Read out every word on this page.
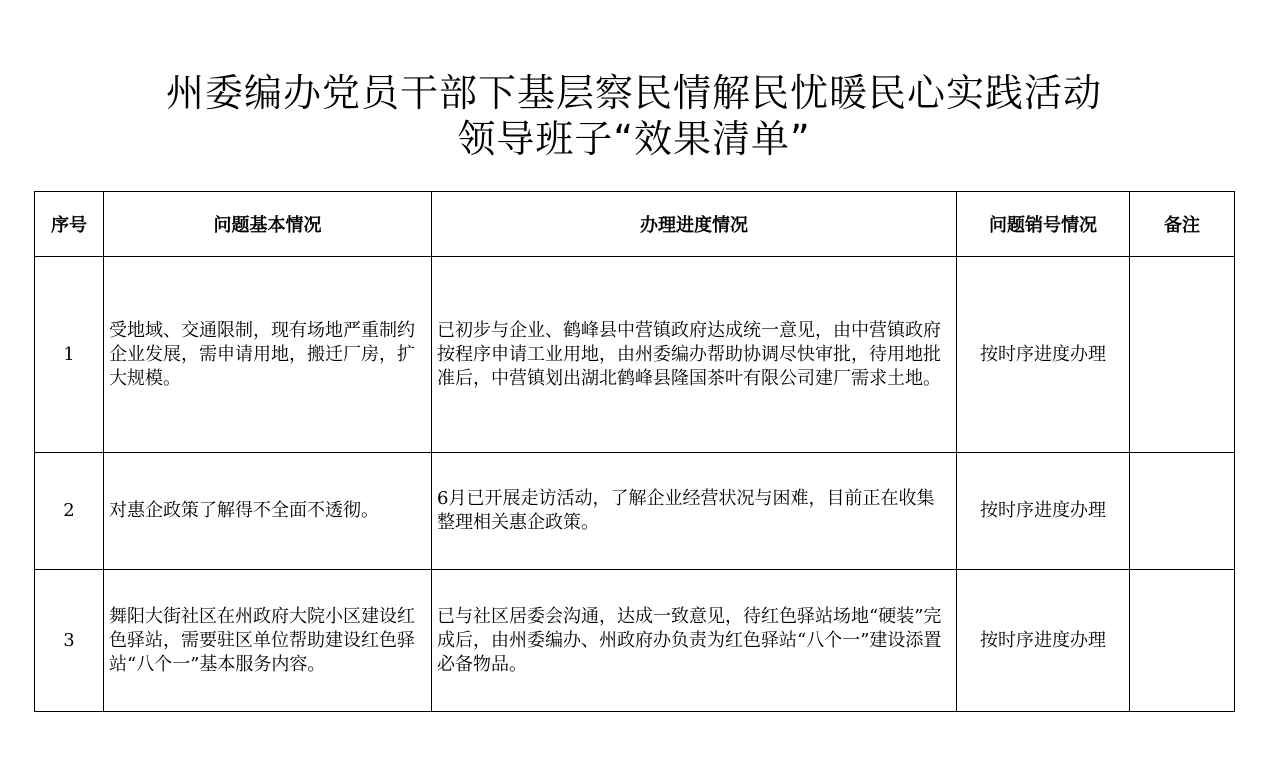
州委编办党员干部下基层察民情解民忧暖民心实践活动
领导班子“效果清单”
序号	问题基本情况	办理进度情况	问题销号情况	备注
1	受地域、交通限制，现有场地严重制约企业发展，需申请用地，搬迁厂房，扩大规模。	已初步与企业、鹤峰县中营镇政府达成统一意见，由中营镇政府按程序申请工业用地，由州委编办帮助协调尽快审批，待用地批准后，中营镇划出湖北鹤峰县隆国茶叶有限公司建厂需求土地。	按时序进度办理	
2	对惠企政策了解得不全面不透彻。	6月已开展走访活动，了解企业经营状况与困难，目前正在收集整理相关惠企政策。	按时序进度办理	
3	舞阳大街社区在州政府大院小区建设红色驿站，需要驻区单位帮助建设红色驿站“八个一”基本服务内容。	已与社区居委会沟通，达成一致意见，待红色驿站场地“硬装”完成后，由州委编办、州政府办负责为红色驿站“八个一”建设添置必备物品。	按时序进度办理	
